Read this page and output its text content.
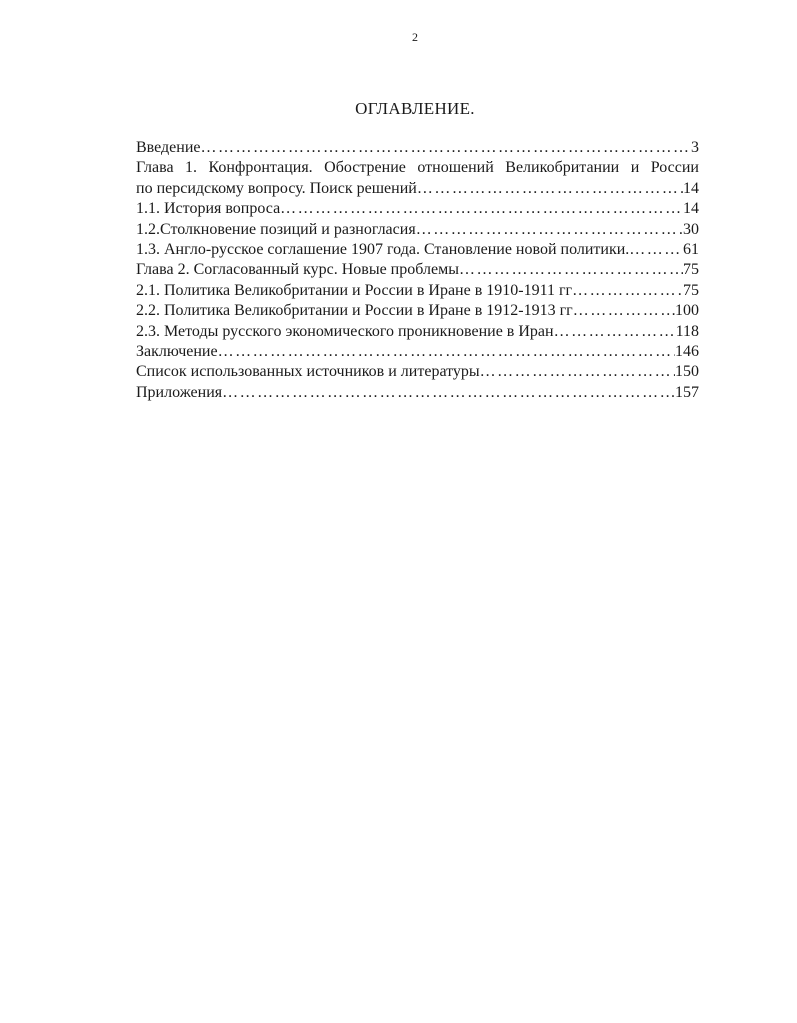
2
ОГЛАВЛЕНИЕ.
Введение ……………………………………………………………………………………………………………………………………………	3
Глава 1. Конфронтация. Обострение отношений Великобритании и России
по персидскому вопросу. Поиск решений ……………………………………………………………………………………………………………………………………………	14
1.1. История вопроса ……………………………………………………………………………………………………………………………………………	14
1.2.Столкновение позиций и разногласия ……………………………………………………………………………………………………………………………………………	30
1.3. Англо-русское соглашение 1907 года. Становление новой политики. ……………………………………………………………………………………………………………………………………………	61
Глава 2. Согласованный курс. Новые проблемы ……………………………………………………………………………………………………………………………………………	75
2.1. Политика Великобритании и России в Иране в 1910-1911 гг ……………………………………………………………………………………………………………………………………………	75
2.2. Политика Великобритании и России в Иране в 1912-1913 гг ……………………………………………………………………………………………………………………………………………	100
2.3. Методы русского экономического проникновение в Иран ……………………………………………………………………………………………………………………………………………	118
Заключение ……………………………………………………………………………………………………………………………………………	146
Список использованных источников и литературы ……………………………………………………………………………………………………………………………………………	150
Приложения ……………………………………………………………………………………………………………………………………………	157
